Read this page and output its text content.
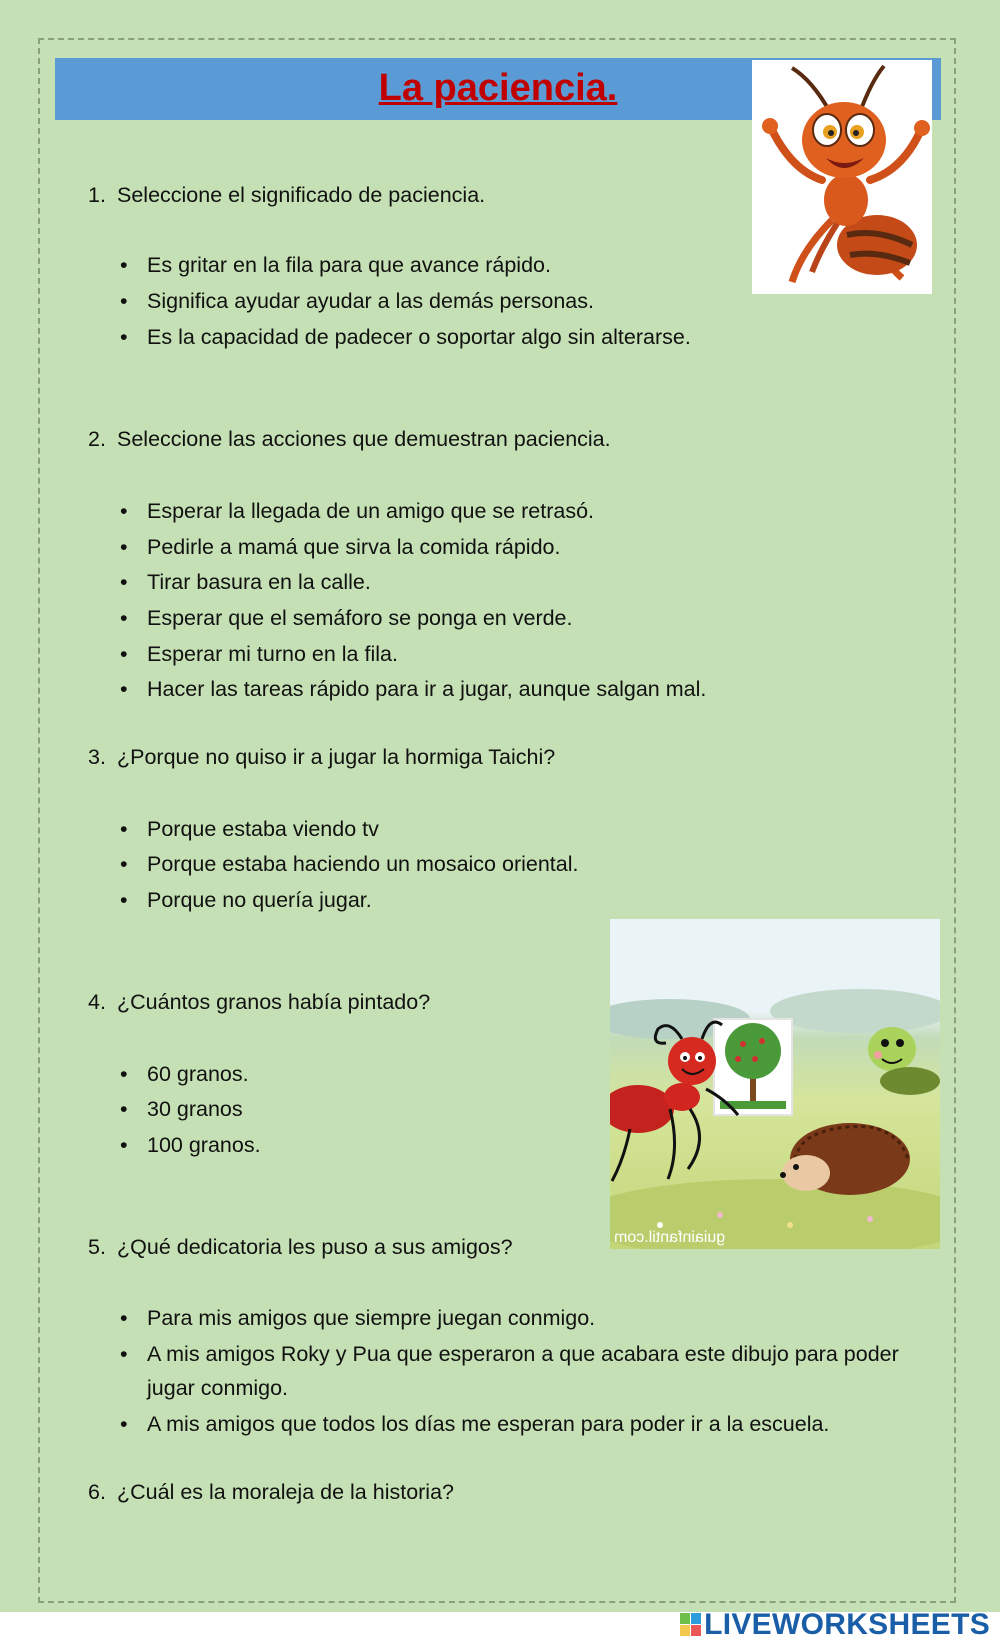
La paciencia.
guiainfantil.com
1. Seleccione el significado de paciencia.
• Es gritar en la fila para que avance rápido.
• Significa ayudar ayudar a las demás personas.
• Es la capacidad de padecer o soportar algo sin alterarse.
2. Seleccione las acciones que demuestran paciencia.
• Esperar la llegada de un amigo que se retrasó.
• Pedirle a mamá que sirva la comida rápido.
• Tirar basura en la calle.
• Esperar que el semáforo se ponga en verde.
• Esperar mi turno en la fila.
• Hacer las tareas rápido para ir a jugar, aunque salgan mal.
3. ¿Porque no quiso ir a jugar la hormiga Taichi?
• Porque estaba viendo tv
• Porque estaba haciendo un mosaico oriental.
• Porque no quería jugar.
4. ¿Cuántos granos había pintado?
• 60 granos.
• 30 granos
• 100 granos.
5. ¿Qué dedicatoria les puso a sus amigos?
• Para mis amigos que siempre juegan conmigo.
• A mis amigos Roky y Pua que esperaron a que acabara este dibujo para poder jugar conmigo.
• A mis amigos que todos los días me esperan para poder ir a la escuela.
6. ¿Cuál es la moraleja de la historia?
LIVEWORKSHEETS
